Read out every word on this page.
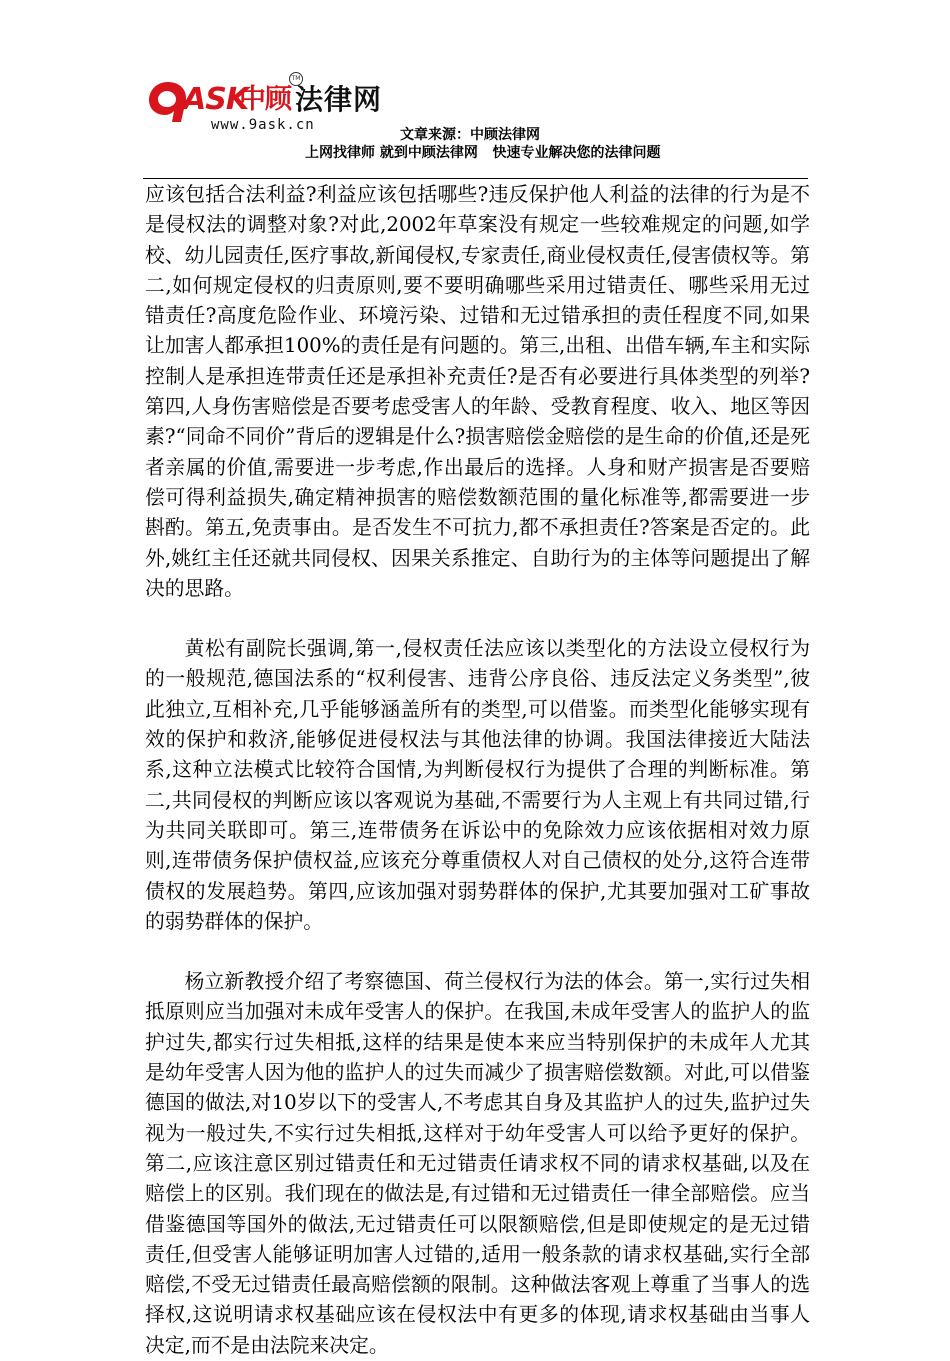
ASK
中顾
TM
法律网
www.9ask.cn
文章来源：中顾法律网
上网找律师 就到中顾法律网   快速专业解决您的法律问题

应该包括合法利益?利益应该包括哪些?违反保护他人利益的法律的行为是不是侵权法的调整对象?对此,2002年草案没有规定一些较难规定的问题,如学校、幼儿园责任,医疗事故,新闻侵权,专家责任,商业侵权责任,侵害债权等。第二,如何规定侵权的归责原则,要不要明确哪些采用过错责任、哪些采用无过错责任?高度危险作业、环境污染、过错和无过错承担的责任程度不同,如果让加害人都承担100%的责任是有问题的。第三,出租、出借车辆,车主和实际控制人是承担连带责任还是承担补充责任?是否有必要进行具体类型的列举?第四,人身伤害赔偿是否要考虑受害人的年龄、受教育程度、收入、地区等因素?“同命不同价”背后的逻辑是什么?损害赔偿金赔偿的是生命的价值,还是死者亲属的价值,需要进一步考虑,作出最后的选择。人身和财产损害是否要赔偿可得利益损失,确定精神损害的赔偿数额范围的量化标准等,都需要进一步斟酌。第五,免责事由。是否发生不可抗力,都不承担责任?答案是否定的。此外,姚红主任还就共同侵权、因果关系推定、自助行为的主体等问题提出了解决的思路。

黄松有副院长强调,第一,侵权责任法应该以类型化的方法设立侵权行为的一般规范,德国法系的“权利侵害、违背公序良俗、违反法定义务类型”,彼此独立,互相补充,几乎能够涵盖所有的类型,可以借鉴。而类型化能够实现有效的保护和救济,能够促进侵权法与其他法律的协调。我国法律接近大陆法系,这种立法模式比较符合国情,为判断侵权行为提供了合理的判断标准。第二,共同侵权的判断应该以客观说为基础,不需要行为人主观上有共同过错,行为共同关联即可。第三,连带债务在诉讼中的免除效力应该依据相对效力原则,连带债务保护债权益,应该充分尊重债权人对自己债权的处分,这符合连带债权的发展趋势。第四,应该加强对弱势群体的保护,尤其要加强对工矿事故的弱势群体的保护。

杨立新教授介绍了考察德国、荷兰侵权行为法的体会。第一,实行过失相抵原则应当加强对未成年受害人的保护。在我国,未成年受害人的监护人的监护过失,都实行过失相抵,这样的结果是使本来应当特别保护的未成年人尤其是幼年受害人因为他的监护人的过失而减少了损害赔偿数额。对此,可以借鉴德国的做法,对10岁以下的受害人,不考虑其自身及其监护人的过失,监护过失视为一般过失,不实行过失相抵,这样对于幼年受害人可以给予更好的保护。第二,应该注意区别过错责任和无过错责任请求权不同的请求权基础,以及在赔偿上的区别。我们现在的做法是,有过错和无过错责任一律全部赔偿。应当借鉴德国等国外的做法,无过错责任可以限额赔偿,但是即使规定的是无过错责任,但受害人能够证明加害人过错的,适用一般条款的请求权基础,实行全部赔偿,不受无过错责任最高赔偿额的限制。这种做法客观上尊重了当事人的选择权,这说明请求权基础应该在侵权法中有更多的体现,请求权基础由当事人决定,而不是由法院来决定。
